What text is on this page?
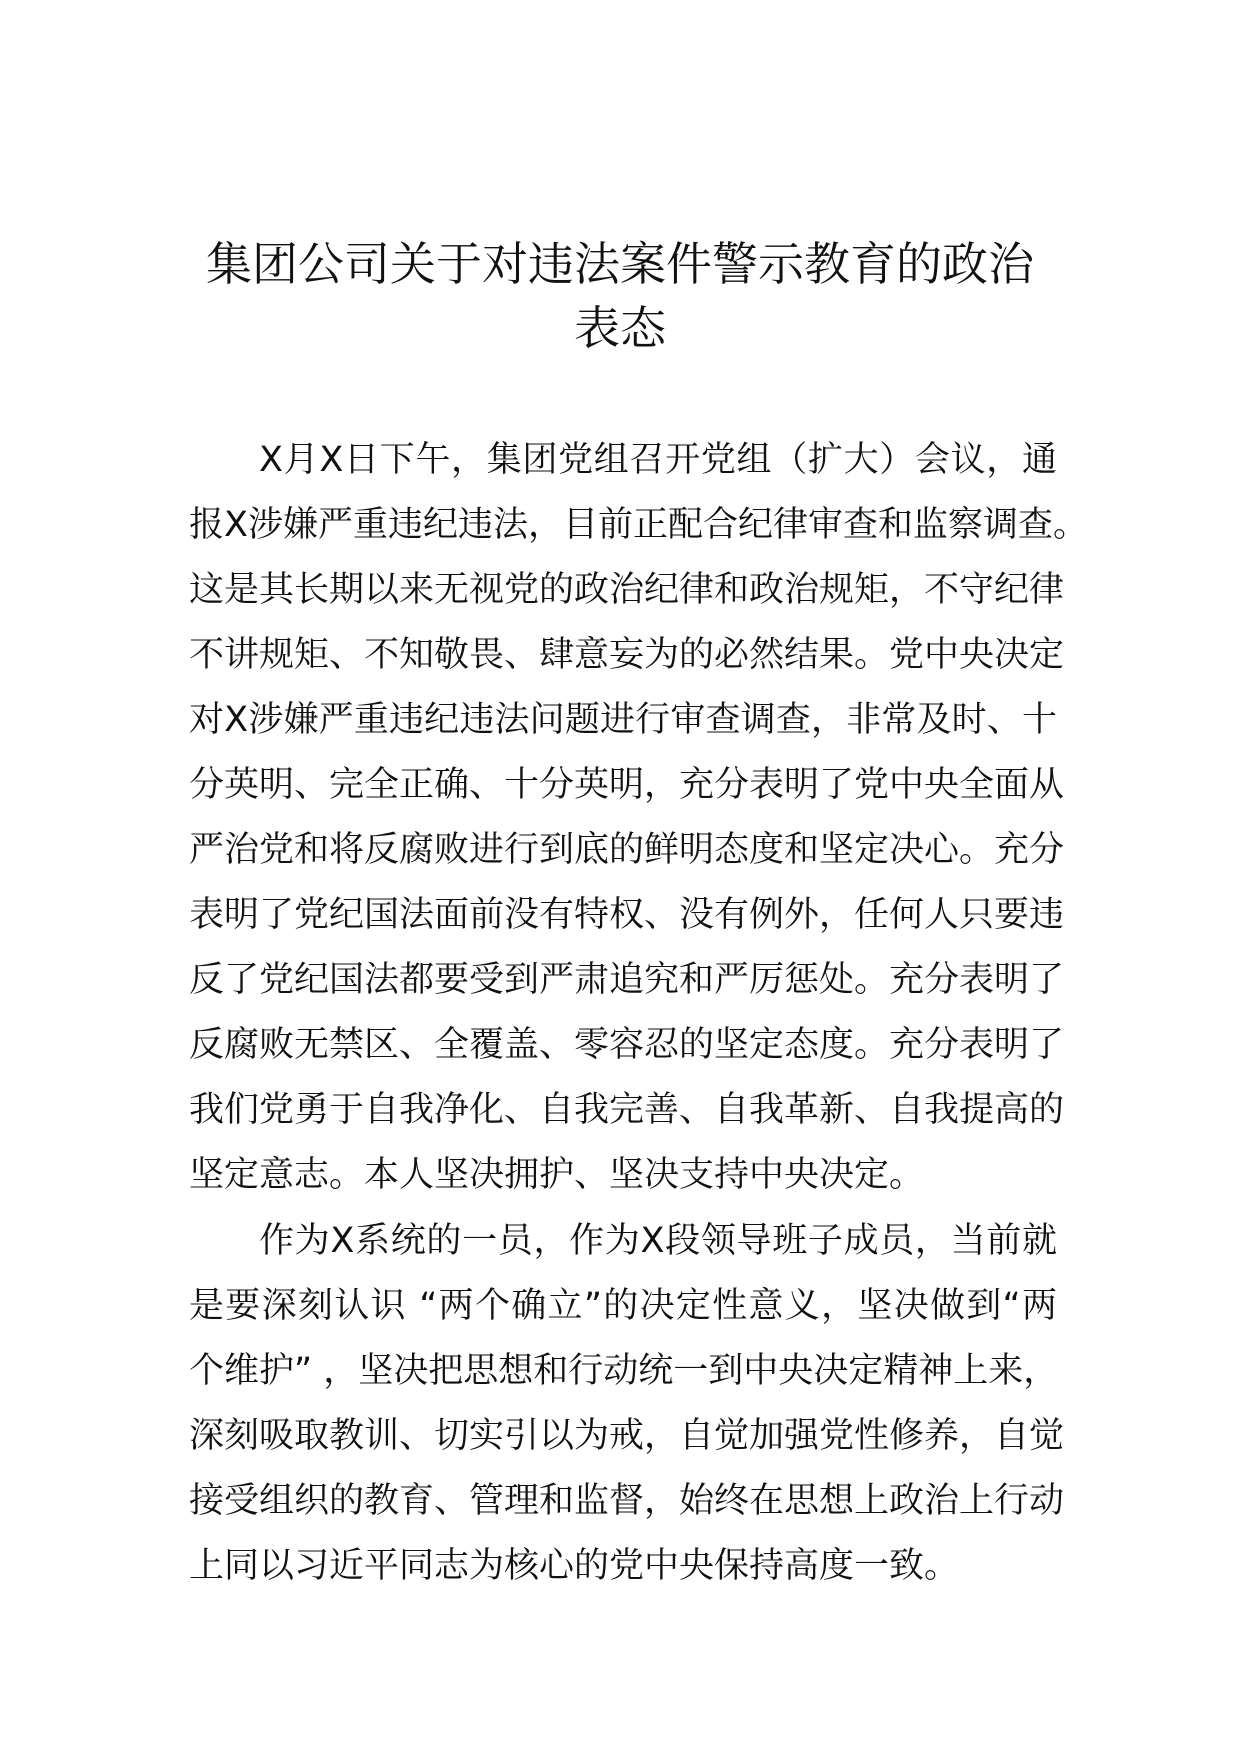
集团公司关于对违法案件警示教育的政治
表态
X月X日下午，集团党组召开党组（扩大）会议，通
报X涉嫌严重违纪违法，目前正配合纪律审查和监察调查。
这是其长期以来无视党的政治纪律和政治规矩，不守纪律
不讲规矩、不知敬畏、肆意妄为的必然结果。党中央决定
对X涉嫌严重违纪违法问题进行审查调查，非常及时、十
分英明、完全正确、十分英明，充分表明了党中央全面从
严治党和将反腐败进行到底的鲜明态度和坚定决心。充分
表明了党纪国法面前没有特权、没有例外，任何人只要违
反了党纪国法都要受到严肃追究和严厉惩处。充分表明了
反腐败无禁区、全覆盖、零容忍的坚定态度。充分表明了
我们党勇于自我净化、自我完善、自我革新、自我提高的
坚定意志。本人坚决拥护、坚决支持中央决定。
作为X系统的一员，作为X段领导班子成员，当前就
是要深刻认识 “两个确立”的决定性意义，坚决做到“两
个维护” ，坚决把思想和行动统一到中央决定精神上来，
深刻吸取教训、切实引以为戒，自觉加强党性修养，自觉
接受组织的教育、管理和监督，始终在思想上政治上行动
上同以习近平同志为核心的党中央保持高度一致。
